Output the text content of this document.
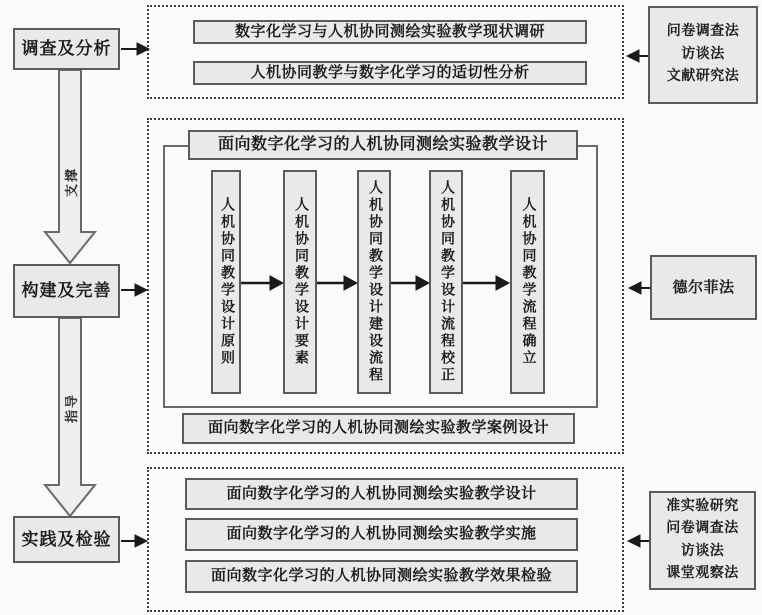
支撑
指导
调查及分析
构建及完善
实践及检验
数字化学习与人机协同测绘实验教学现状调研
人机协同教学与数字化学习的适切性分析
面向数字化学习的人机协同测绘实验教学设计
人机协同教学设计原则	人机协同教学设计要素	人机协同教学设计建设流程	人机协同教学设计流程校正	人机协同教学流程确立
面向数字化学习的人机协同测绘实验教学案例设计
面向数字化学习的人机协同测绘实验教学设计
面向数字化学习的人机协同测绘实验教学实施
面向数字化学习的人机协同测绘实验教学效果检验
问卷调查法
访谈法
文献研究法
德尔菲法
准实验研究
问卷调查法
访谈法
课堂观察法
